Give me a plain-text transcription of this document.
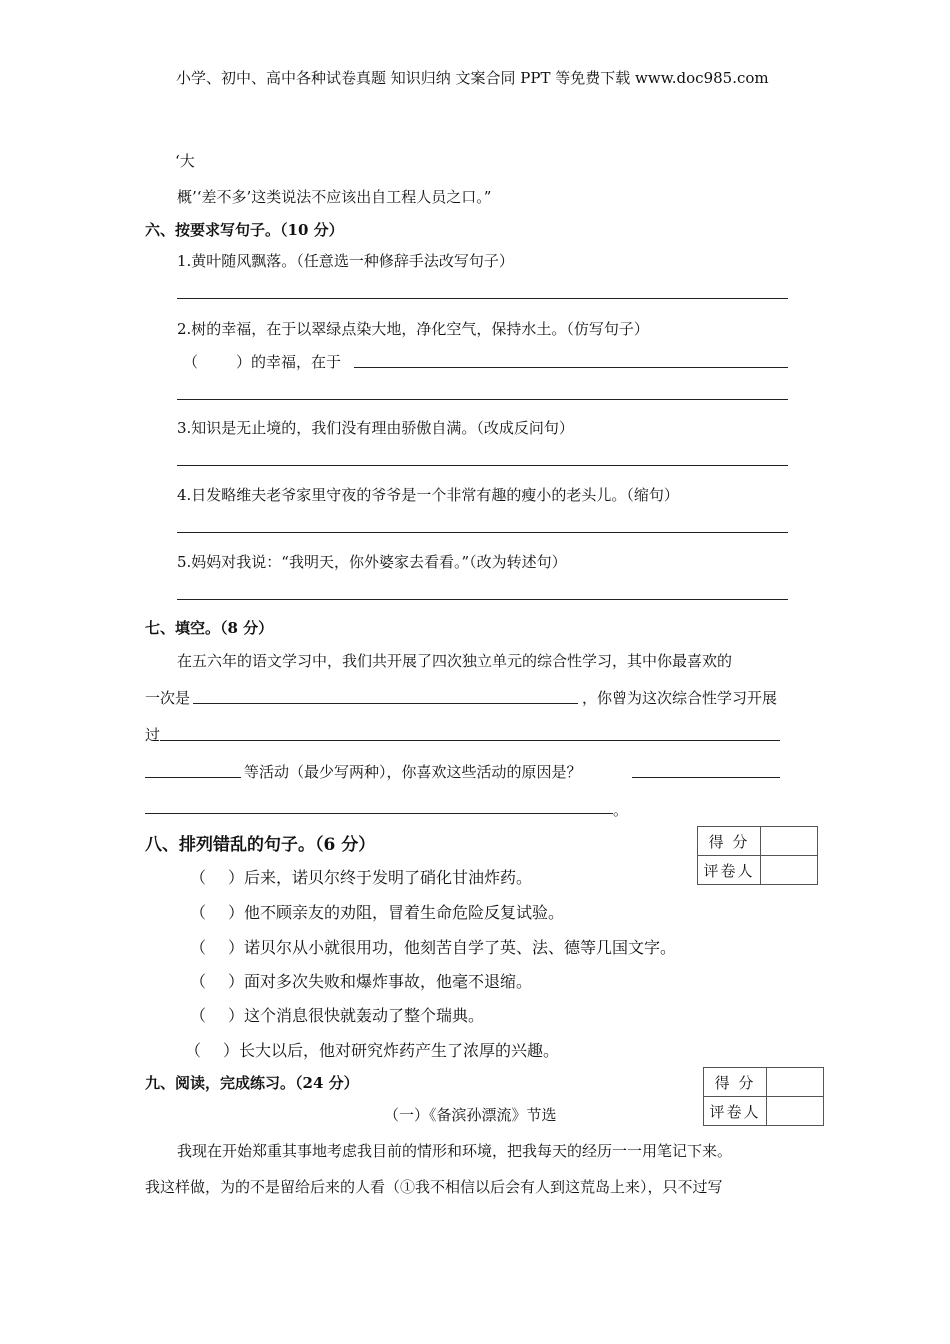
小学、初中、高中各种试卷真题 知识归纳 文案合同 PPT 等免费下载 www.doc985.com
‘大
概’‘差不多’这类说法不应该出自工程人员之口。”
六、按要求写句子。（10 分）
1.黄叶随风飘落。（任意选一种修辞手法改写句子）
2.树的幸福，在于以翠绿点染大地，净化空气，保持水土。（仿写句子）
（	）的幸福，在于
3.知识是无止境的，我们没有理由骄傲自满。（改成反问句）
4.日发略维夫老爷家里守夜的爷爷是一个非常有趣的瘦小的老头儿。（缩句）
5.妈妈对我说：“我明天，你外婆家去看看。”（改为转述句）
七、填空。（8 分）
在五六年的语文学习中，我们共开展了四次独立单元的综合性学习，其中你最喜欢的
一次是	，你曾为这次综合性学习开展
过
等活动（最少写两种），你喜欢这些活动的原因是？
。
八、排列错乱的句子。（6 分）	得 分	
评卷人	
（ ）后来，诺贝尔终于发明了硝化甘油炸药。
（ ）他不顾亲友的劝阻，冒着生命危险反复试验。
（ ）诺贝尔从小就很用功，他刻苦自学了英、法、德等几国文字。
（ ）面对多次失败和爆炸事故，他毫不退缩。
（ ）这个消息很快就轰动了整个瑞典。
（ ）长大以后，他对研究炸药产生了浓厚的兴趣。
九、阅读，完成练习。（24 分）	得 分	
评卷人	
（一）《备滨孙漂流》节选
我现在开始郑重其事地考虑我目前的情形和环境，把我每天的经历一一用笔记下来。
我这样做，为的不是留给后来的人看（①我不相信以后会有人到这荒岛上来），只不过写
